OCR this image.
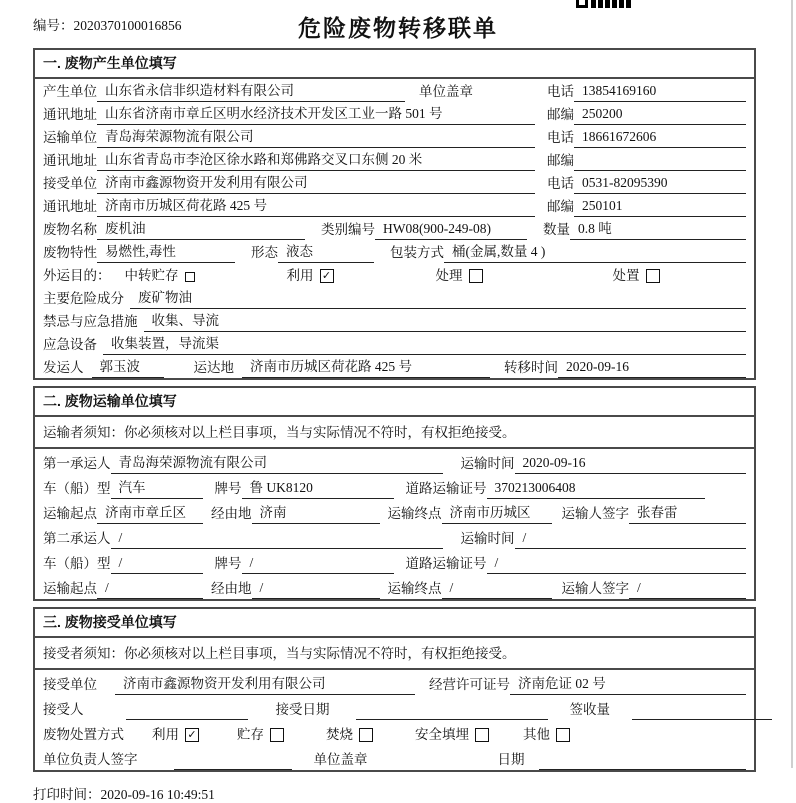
编号：2020370100016856	危险废物转移联单
一. 废物产生单位填写
产生单位 山东省永信非织造材料有限公司	单位盖章	电话 13854169160
通讯地址 山东省济南市章丘区明水经济技术开发区工业一路 501 号	邮编 250200
运输单位 青岛海荣源物流有限公司	电话 18661672606
通讯地址 山东省青岛市李沧区徐水路和郑佛路交叉口东侧 20 米	邮编
接受单位 济南市鑫源物资开发利用有限公司	电话 0531-82095390
通讯地址 济南市历城区荷花路 425 号	邮编 250101
废物名称 废机油	类别编号 HW08(900-249-08)	数量 0.8 吨
废物特性 易燃性,毒性	形态 液态	包装方式 桶(金属,数量 4 )
外运目的： 中转贮存	利用 ✓	处理	处置
主要危险成分	废矿物油
禁忌与应急措施	收集、导流
应急设备	收集装置，导流渠
发运人	郭玉波	运达地	济南市历城区荷花路 425 号	转移时间 2020-09-16
二. 废物运输单位填写
运输者须知：你必须核对以上栏目事项，当与实际情况不符时，有权拒绝接受。
第一承运人 青岛海荣源物流有限公司	运输时间 2020-09-16
车（船）型 汽车	牌号 鲁 UK8120	道路运输证号 370213006408
运输起点 济南市章丘区	经由地 济南	运输终点 济南市历城区	运输人签字 张春雷
第二承运人 /	运输时间 /
车（船）型 /	牌号 /	道路运输证号 /
运输起点 /	经由地 /	运输终点 /	运输人签字 /
三. 废物接受单位填写
接受者须知：你必须核对以上栏目事项，当与实际情况不符时，有权拒绝接受。
接受单位	济南市鑫源物资开发利用有限公司	经营许可证号 济南危证 02 号
接受人	接受日期	签收量
废物处置方式 利用 ✓	贮存	焚烧	安全填埋	其他
单位负责人签字	单位盖章	日期
打印时间：2020-09-16 10:49:51
